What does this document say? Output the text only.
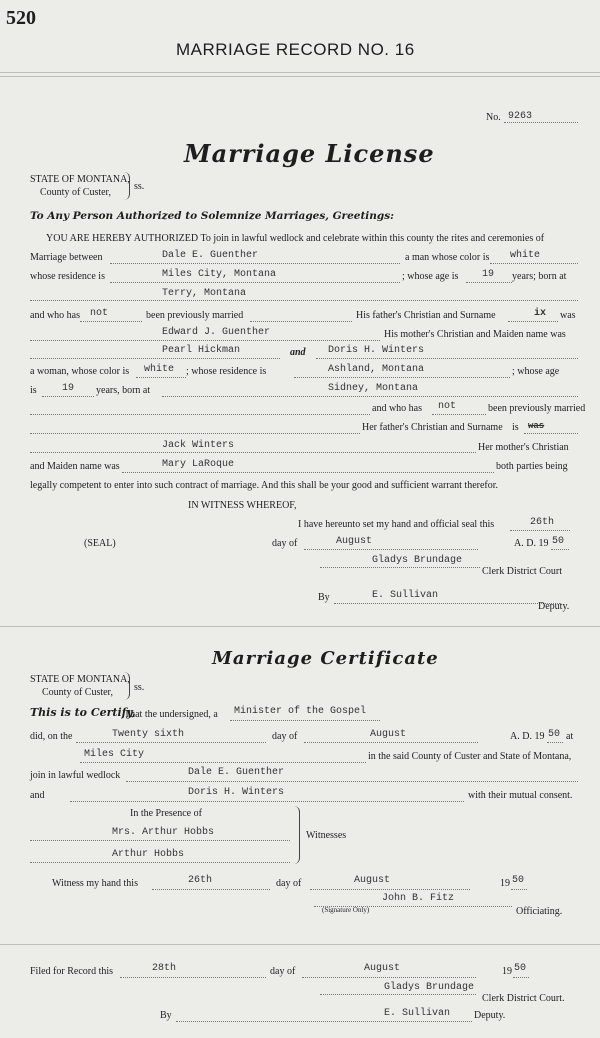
520
MARRIAGE RECORD NO. 16
No. 9263
Marriage License
STATE OF MONTANA,
County of Custer,
ss.
To Any Person Authorized to Solemnize Marriages, Greetings:
YOU ARE HEREBY AUTHORIZED To join in lawful wedlock and celebrate within this county the rites and ceremonies of
Marriage between	Dale E. Guenther	a man whose color is white
whose residence is	Miles City, Montana	; whose age is 19 years; born at
Terry, Montana
and who has not	been previously married	His father's Christian and Surname	ix was
Edward J. Guenther	His mother's Christian and Maiden name was
Pearl Hickman	and Doris H. Winters
a woman, whose color is white ; whose residence is	Ashland, Montana	; whose age
is	19 years, born at	Sidney, Montana
and who has not	been previously married
Her father's Christian and Surname is was
Jack Winters	Her mother's Christian
and Maiden name was	Mary LaRoque	both parties being
legally competent to enter into such contract of marriage. And this shall be your good and sufficient warrant therefor.
IN WITNESS WHEREOF,
I have hereunto set my hand and official seal this	26th
(SEAL)	day of	August	A. D. 19 50
Gladys Brundage
Clerk District Court
By	E. Sullivan
Deputy.
Marriage Certificate
STATE OF MONTANA,
County of Custer, ss.
This is to Certify,
That the undersigned, a Minister of the Gospel
did, on the	Twenty sixth	day of	August	A. D. 19 50 at
Miles City	in the said County of Custer and State of Montana,
join in lawful wedlock	Dale E. Guenther
and	Doris H. Winters	with their mutual consent.
In the Presence of
Witnesses
Mrs. Arthur Hobbs
Arthur Hobbs
Witness my hand this	26th	day of	August	19 50
John B. Fitz
(Signature Only)	Officiating.
Filed for Record this	28th	day of	August	19 50
Gladys Brundage
Clerk District Court.
By	E. Sullivan Deputy.
